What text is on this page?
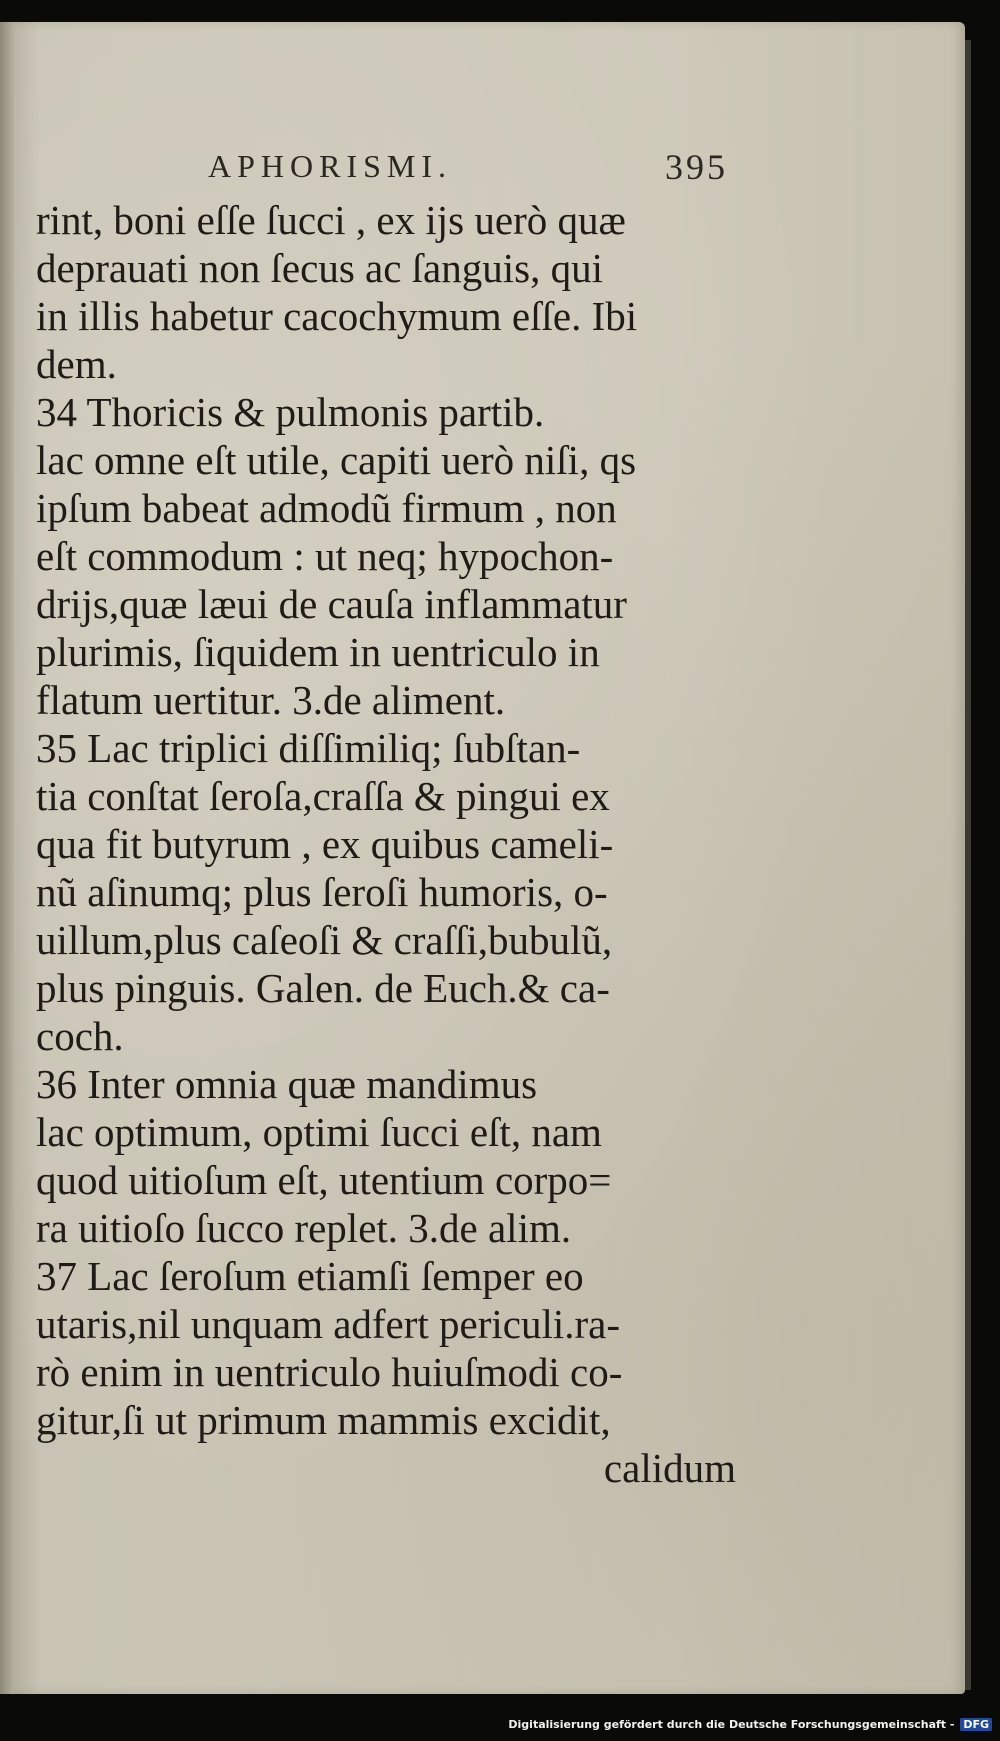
APHORISMI.	395
rint, boni eſſe ſucci , ex ijs uerò quæ
deprauati non ſecus ac ſanguis, qui
in illis habetur cacochymum eſſe. Ibi
dem.
34 Thoricis & pulmonis partib.
lac omne eſt utile, capiti uerò niſi, qs
ipſum babeat admodũ firmum , non
eſt commodum : ut neq; hypochon-
drijs,quæ læui de cauſa inflammatur
plurimis, ſiquidem in uentriculo in
flatum uertitur. 3.de aliment.
35 Lac triplici diſſimiliq; ſubſtan-
tia conſtat ſeroſa,craſſa & pingui ex
qua fit butyrum , ex quibus cameli-
nũ aſinumq; plus ſeroſi humoris, o-
uillum,plus caſeoſi & craſſi,bubulũ,
plus pinguis. Galen. de Euch.& ca-
coch.
36 Inter omnia quæ mandimus
lac optimum, optimi ſucci eſt, nam
quod uitioſum eſt, utentium corpo=
ra uitioſo ſucco replet. 3.de alim.
37 Lac ſeroſum etiamſi ſemper eo
utaris,nil unquam adfert periculi.ra-
rò enim in uentriculo huiuſmodi co-
gitur,ſi ut primum mammis excidit,
calidum
Digitalisierung gefördert durch die Deutsche Forschungsgemeinschaft - DFG
